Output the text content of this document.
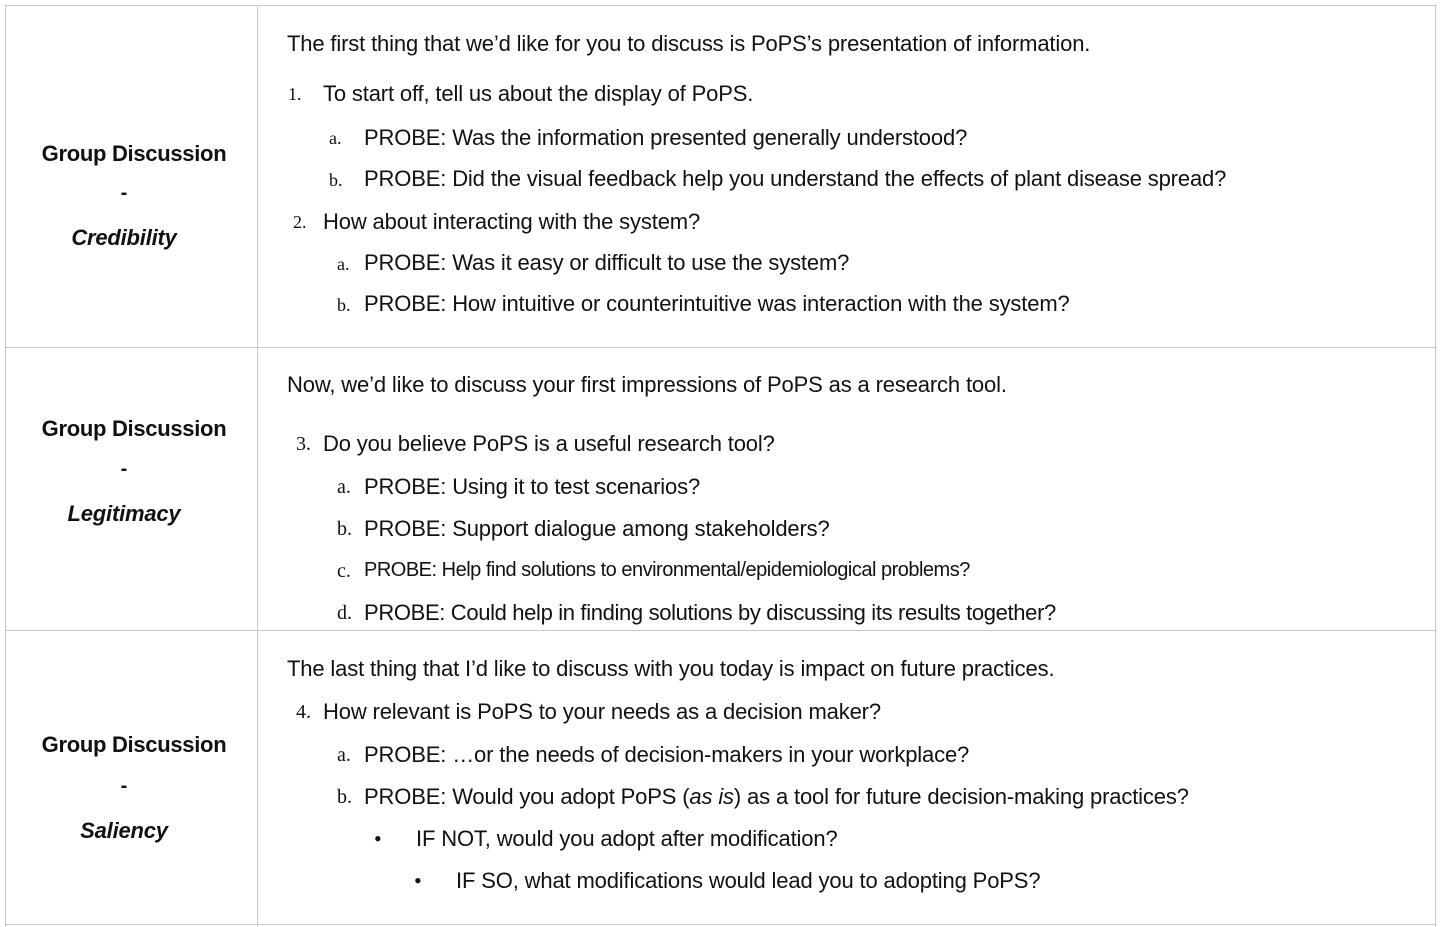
Group Discussion
-
Credibility
The first thing that we’d like for you to discuss is PoPS’s presentation of information.
1. To start off, tell us about the display of PoPS.
a. PROBE: Was the information presented generally understood?
b. PROBE: Did the visual feedback help you understand the effects of plant disease spread?
2. How about interacting with the system?
a. PROBE: Was it easy or difficult to use the system?
b. PROBE: How intuitive or counterintuitive was interaction with the system?
Group Discussion
-
Legitimacy
Now, we’d like to discuss your first impressions of PoPS as a research tool.
3. Do you believe PoPS is a useful research tool?
a. PROBE: Using it to test scenarios?
b. PROBE: Support dialogue among stakeholders?
c. PROBE: Help find solutions to environmental/epidemiological problems?
d. PROBE: Could help in finding solutions by discussing its results together?
Group Discussion
-
Saliency
The last thing that I’d like to discuss with you today is impact on future practices.
4. How relevant is PoPS to your needs as a decision maker?
a. PROBE: …or the needs of decision-makers in your workplace?
b. PROBE: Would you adopt PoPS (as is) as a tool for future decision-making practices?
• IF NOT, would you adopt after modification?
• IF SO, what modifications would lead you to adopting PoPS?
